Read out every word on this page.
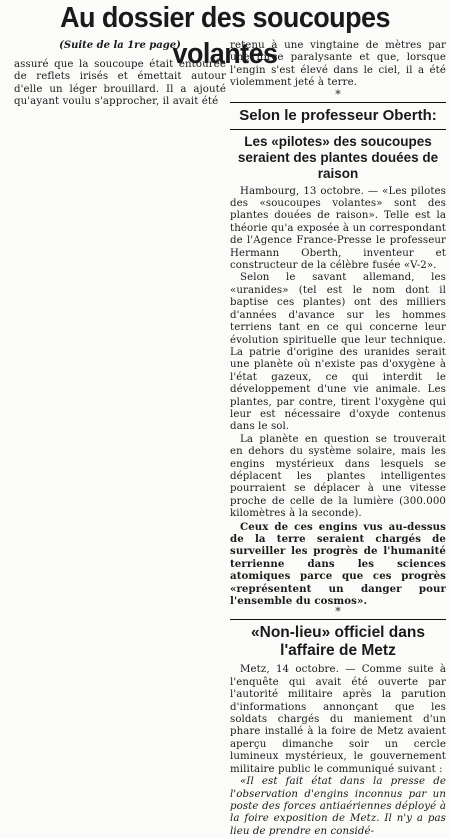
Au dossier des soucoupes volantes
(Suite de la 1re page)
assuré que la soucoupe était entourée de reflets irisés et émettait autour d'elle un léger brouillard. Il a ajouté qu'ayant voulu s'approcher, il avait été
retenu à une vingtaine de mètres par une force paralysante et que, lorsque l'engin s'est élevé dans le ciel, il a été violemment jeté à terre.
*
Selon le professeur Oberth:
Les «pilotes» des soucoupes seraient des plantes douées de raison

Hambourg, 13 octobre. — «Les pilotes des «soucoupes volantes» sont des plantes douées de raison». Telle est la théorie qu'a exposée à un correspondant de l'Agence France-Presse le professeur Hermann Oberth, inventeur et constructeur de la célèbre fusée «V-2».

Selon le savant allemand, les «uranides» (tel est le nom dont il baptise ces plantes) ont des milliers d'années d'avance sur les hommes terriens tant en ce qui concerne leur évolution spirituelle que leur technique. La patrie d'origine des uranides serait une planète où n'existe pas d'oxygène à l'état gazeux, ce qui interdit le développement d'une vie animale. Les plantes, par contre, tirent l'oxygène qui leur est nécessaire d'oxyde contenus dans le sol.

La planète en question se trouverait en dehors du système solaire, mais les engins mystérieux dans lesquels se déplacent les plantes intelligentes pourraient se déplacer à une vitesse proche de celle de la lumière (300.000 kilomètres à la seconde).

Ceux de ces engins vus au-dessus de la terre seraient chargés de surveiller les progrès de l'humanité terrienne dans les sciences atomiques parce que ces progrès «représentent un danger pour l'ensemble du cosmos».

*
«Non-lieu» officiel dans l'affaire de Metz

Metz, 14 octobre. — Comme suite à l'enquête qui avait été ouverte par l'autorité militaire après la parution d'informations annonçant que les soldats chargés du maniement d'un phare installé à la foire de Metz avaient aperçu dimanche soir un cercle lumineux mystérieux, le gouvernement militaire public le communiqué suivant :

«Il est fait état dans la presse de l'observation d'engins inconnus par un poste des forces antiaériennes déployé à la foire exposition de Metz. Il n'y a pas lieu de prendre en considé-
